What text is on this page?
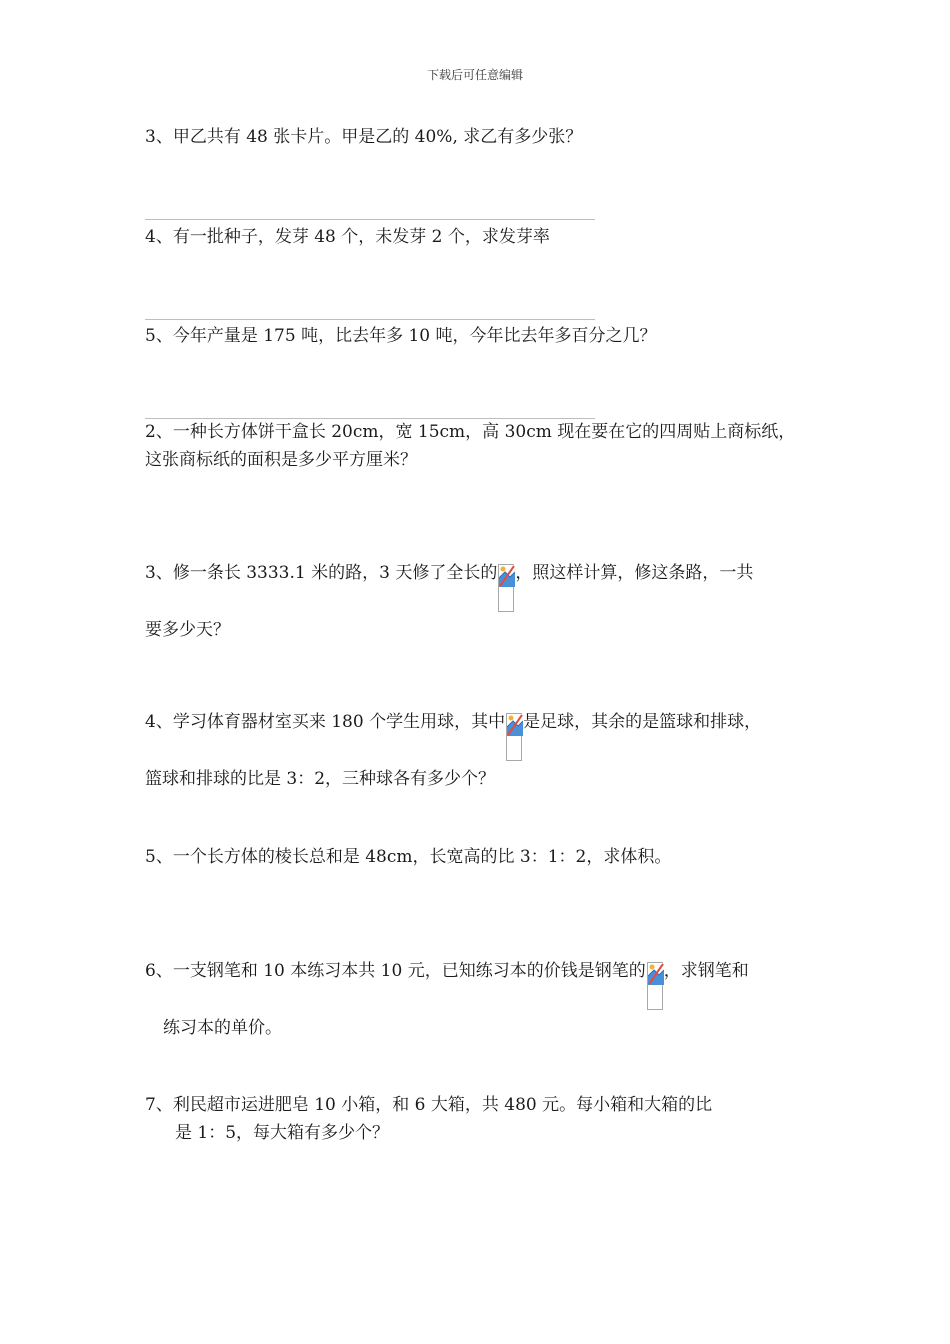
下载后可任意编辑
3、甲乙共有 48 张卡片。甲是乙的 40%, 求乙有多少张？
4、有一批种子，发芽 48 个，未发芽 2 个，求发芽率
5、今年产量是 175 吨，比去年多 10 吨，今年比去年多百分之几？
2、一种长方体饼干盒长 20cm，宽 15cm，高 30cm 现在要在它的四周贴上商标纸，
这张商标纸的面积是多少平方厘米？
3、修一条长 3333.1 米的路，3 天修了全长的 ，照这样计算，修这条路，一共
要多少天？
4、学习体育器材室买来 180 个学生用球，其中 是足球，其余的是篮球和排球，
篮球和排球的比是 3：2，三种球各有多少个？
5、一个长方体的棱长总和是 48cm，长宽高的比 3：1：2，求体积。
6、一支钢笔和 10 本练习本共 10 元，已知练习本的价钱是钢笔的 ，求钢笔和
练习本的单价。
7、利民超市运进肥皂 10 小箱，和 6 大箱，共 480 元。每小箱和大箱的比
是 1：5，每大箱有多少个？
